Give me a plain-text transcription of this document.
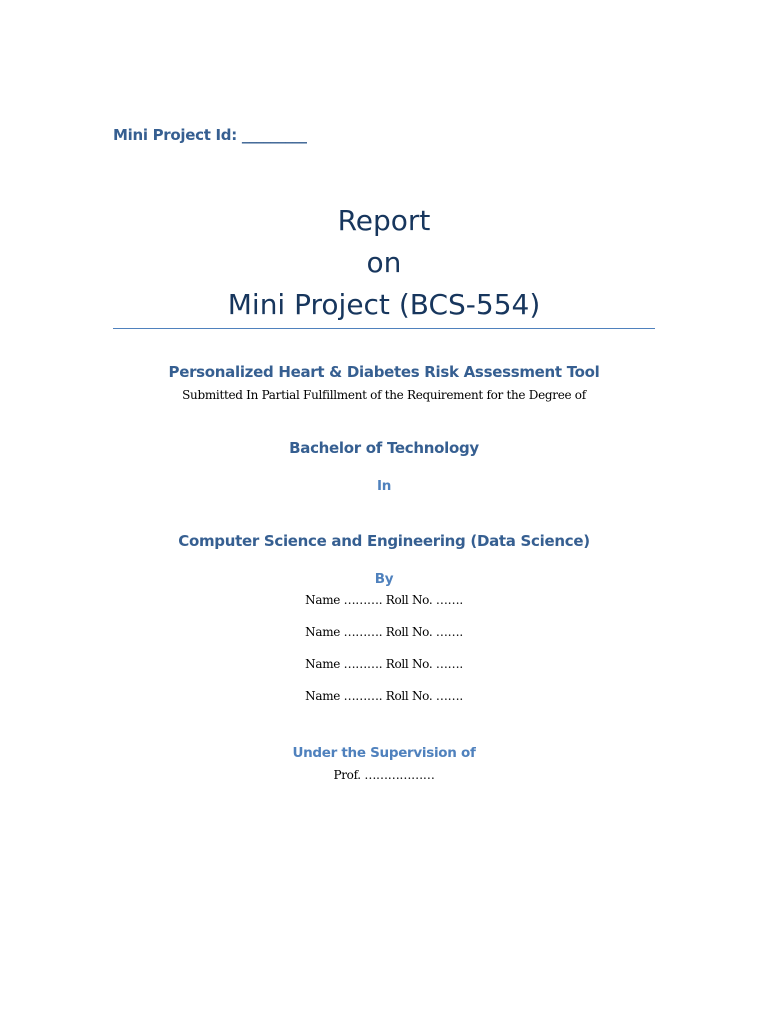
Mini Project Id: _________
Report
on
Mini Project (BCS-554)
Personalized Heart & Diabetes Risk Assessment Tool
Submitted In Partial Fulfillment of the Requirement for the Degree of
Bachelor of Technology
In
Computer Science and Engineering (Data Science)
By
Name ………. Roll No. …….
Name ………. Roll No. …….
Name ………. Roll No. …….
Name ………. Roll No. …….
Under the Supervision of
Prof. ………………
